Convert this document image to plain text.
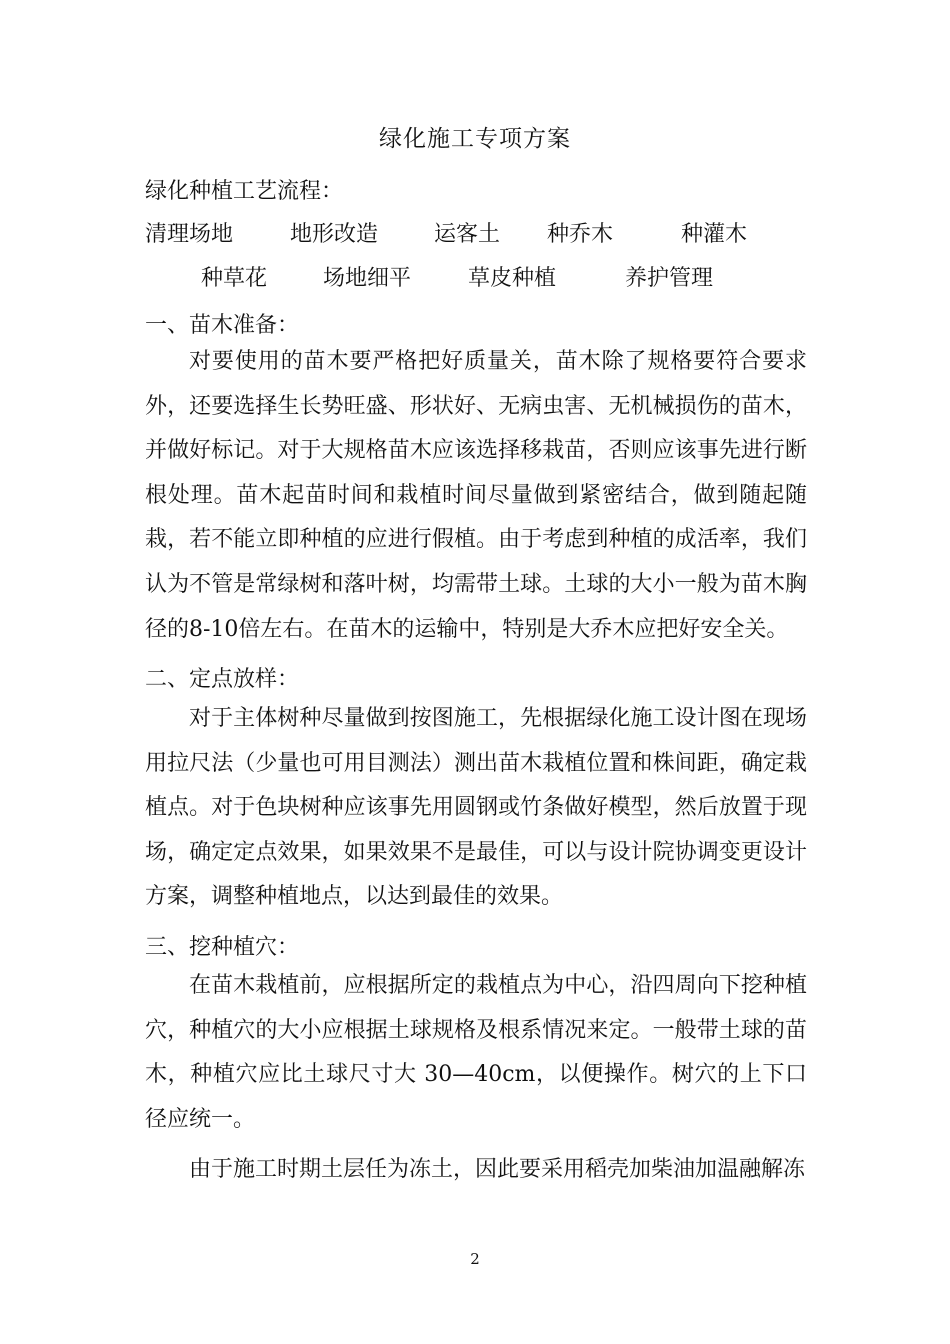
绿化施工专项方案
绿化种植工艺流程：
清理场地	地形改造	运客土 种乔木	种灌木
种草花	场地细平	草皮种植	养护管理
一、苗木准备：
对要使用的苗木要严格把好质量关，苗木除了规格要符合要求外，还要选择生长势旺盛、形状好、无病虫害、无机械损伤的苗木，并做好标记。对于大规格苗木应该选择移栽苗，否则应该事先进行断根处理。苗木起苗时间和栽植时间尽量做到紧密结合，做到随起随栽，若不能立即种植的应进行假植。由于考虑到种植的成活率，我们认为不管是常绿树和落叶树，均需带土球。土球的大小一般为苗木胸径的8-10倍左右。在苗木的运输中，特别是大乔木应把好安全关。
二、定点放样：
对于主体树种尽量做到按图施工，先根据绿化施工设计图在现场用拉尺法（少量也可用目测法）测出苗木栽植位置和株间距，确定栽植点。对于色块树种应该事先用圆钢或竹条做好模型，然后放置于现场，确定定点效果，如果效果不是最佳，可以与设计院协调变更设计方案，调整种植地点，以达到最佳的效果。
三、挖种植穴：
在苗木栽植前，应根据所定的栽植点为中心，沿四周向下挖种植穴，种植穴的大小应根据土球规格及根系情况来定。一般带土球的苗木，种植穴应比土球尺寸大 30—40cm，以便操作。树穴的上下口径应统一。
由于施工时期土层任为冻土，因此要采用稻壳加柴油加温融解冻
2
